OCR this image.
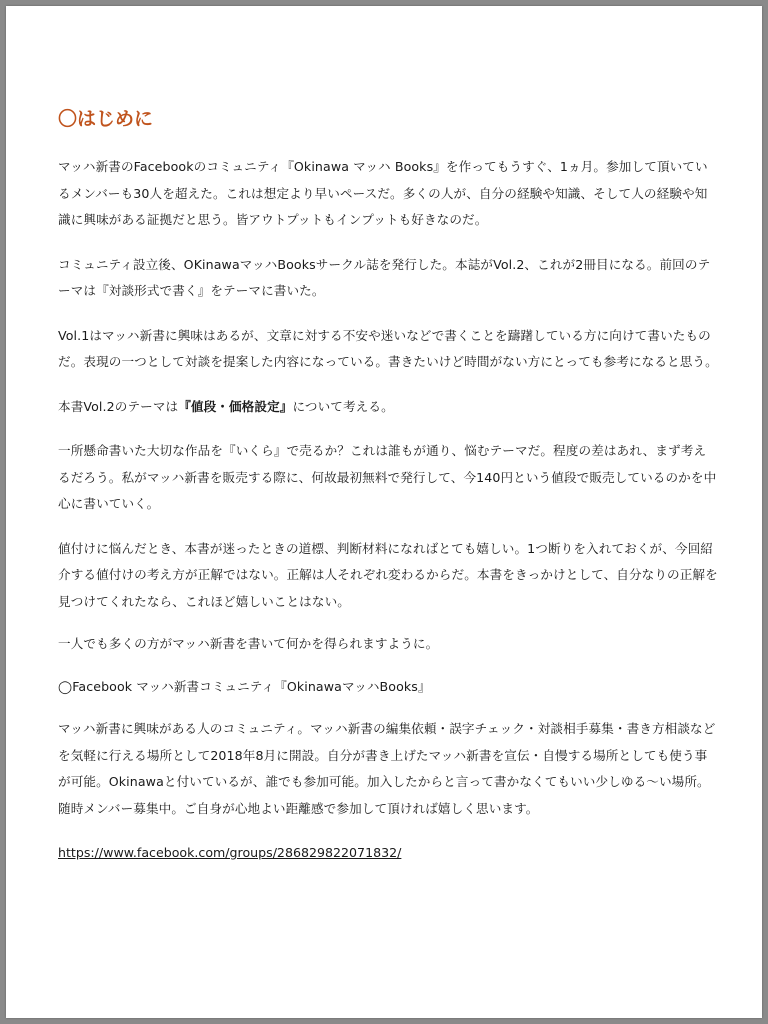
〇はじめに

マッハ新書のFacebookのコミュニティ『Okinawa マッハ Books』を作ってもうすぐ、1ヵ月。参加して頂いているメンバーも30人を超えた。これは想定より早いペースだ。多くの人が、自分の経験や知識、そして人の経験や知識に興味がある証拠だと思う。皆アウトプットもインプットも好きなのだ。

コミュニティ設立後、OKinawaマッハBooksサークル誌を発行した。本誌がVol.2、これが2冊目になる。前回のテーマは『対談形式で書く』をテーマに書いた。

Vol.1はマッハ新書に興味はあるが、文章に対する不安や迷いなどで書くことを躊躇している方に向けて書いたものだ。表現の一つとして対談を提案した内容になっている。書きたいけど時間がない方にとっても参考になると思う。

本書Vol.2のテーマは『値段・価格設定』について考える。

一所懸命書いた大切な作品を『いくら』で売るか？これは誰もが通り、悩むテーマだ。程度の差はあれ、まず考えるだろう。私がマッハ新書を販売する際に、何故最初無料で発行して、今140円という値段で販売しているのかを中心に書いていく。

値付けに悩んだとき、本書が迷ったときの道標、判断材料になればとても嬉しい。1つ断りを入れておくが、今回紹介する値付けの考え方が正解ではない。正解は人それぞれ変わるからだ。本書をきっかけとして、自分なりの正解を見つけてくれたなら、これほど嬉しいことはない。

一人でも多くの方がマッハ新書を書いて何かを得られますように。

◯Facebook マッハ新書コミュニティ『OkinawaマッハBooks』

マッハ新書に興味がある人のコミュニティ。マッハ新書の編集依頼・誤字チェック・対談相手募集・書き方相談などを気軽に行える場所として2018年8月に開設。自分が書き上げたマッハ新書を宣伝・自慢する場所としても使う事が可能。Okinawaと付いているが、誰でも参加可能。加入したからと言って書かなくてもいい少しゆる〜い場所。随時メンバー募集中。ご自身が心地よい距離感で参加して頂ければ嬉しく思います。

https://www.facebook.com/groups/286829822071832/
